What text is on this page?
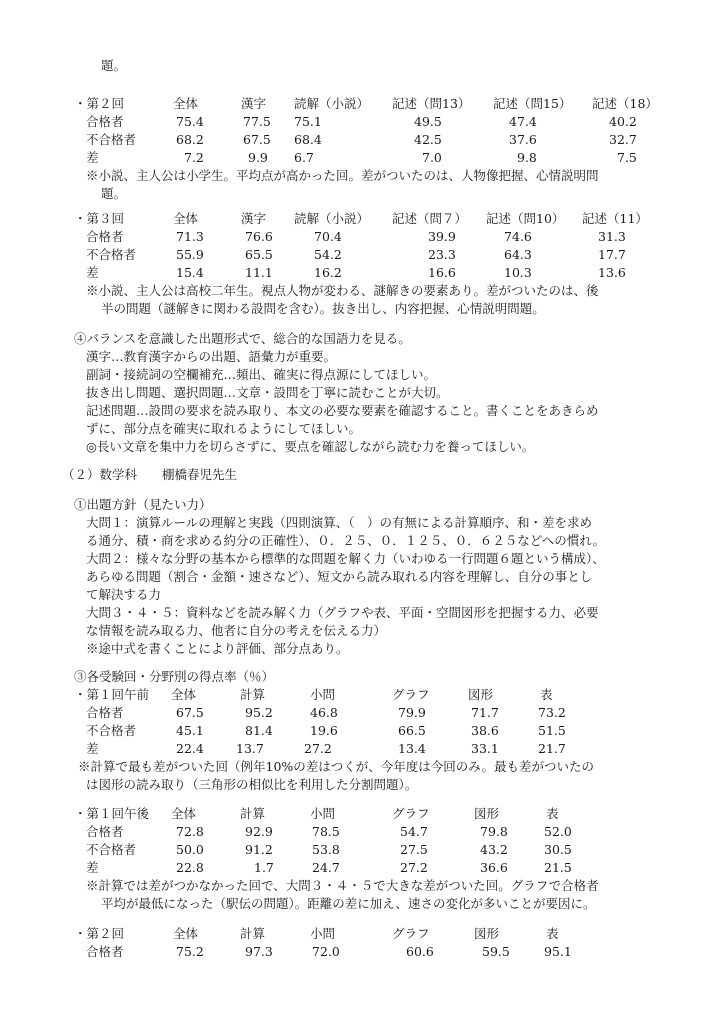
題。
・第２回	全体	漢字 読解（小説） 記述（問13） 記述（問15） 記述（18）
合格者	75.4	77.5 75.1	49.5	47.4	40.2
不合格者	68.2	67.5 68.4	42.5	37.6	32.7
差	7.2	9.9 6.7	7.0	9.8	7.5
※小説、主人公は小学生。平均点が高かった回。差がついたのは、人物像把握、心情説明問
題。
・第３回	全体	漢字 読解（小説） 記述（問７） 記述（問10） 記述（11）
合格者	71.3	76.6	70.4	39.9	74.6	31.3
不合格者	55.9	65.5	54.2	23.3	64.3	17.7
差	15.4	11.1	16.2	16.6	10.3	13.6
※小説、主人公は高校二年生。視点人物が変わる、謎解きの要素あり。差がついたのは、後
半の問題（謎解きに関わる設問を含む）。抜き出し、内容把握、心情説明問題。
④バランスを意識した出題形式で、総合的な国語力を見る。
漢字…教育漢字からの出題、語彙力が重要。
副詞・接続詞の空欄補充…頻出、確実に得点源にしてほしい。
抜き出し問題、選択問題…文章・設問を丁寧に読むことが大切。
記述問題…設問の要求を読み取り、本文の必要な要素を確認すること。書くことをあきらめ
ずに、部分点を確実に取れるようにしてほしい。
◎長い文章を集中力を切らさずに、要点を確認しながら読む力を養ってほしい。
（２）数学科　　棚橋春児先生
①出題方針（見たい力）
大問１：演算ルールの理解と実践（四則演算、（　）の有無による計算順序、和・差を求め
る通分、積・商を求める約分の正確性）、０．２５、０．１２５、０．６２５などへの慣れ。
大問２：様々な分野の基本から標準的な問題を解く力（いわゆる一行問題６題という構成）、
あらゆる問題（割合・金額・速さなど）、短文から読み取れる内容を理解し、自分の事とし
て解決する力
大問３・４・５：資料などを読み解く力（グラフや表、平面・空間図形を把握する力、必要
な情報を読み取る力、他者に自分の考えを伝える力）
※途中式を書くことにより評価、部分点あり。
③各受験回・分野別の得点率（％）
・第１回午前 全体	計算	小問	グラフ	図形	表
合格者	67.5	95.2	46.8	79.9	71.7	73.2
不合格者	45.1	81.4	19.6	66.5	38.6	51.5
差	22.4	13.7	27.2	13.4	33.1	21.7
※計算で最も差がついた回（例年10%の差はつくが、今年度は今回のみ。最も差がついたの
は図形の読み取り（三角形の相似比を利用した分割問題）。
・第１回午後 全体	計算	小問	グラフ	図形	表
合格者	72.8	92.9	78.5	54.7	79.8	52.0
不合格者	50.0	91.2	53.8	27.5	43.2	30.5
差	22.8	1.7	24.7	27.2	36.6	21.5
※計算では差がつかなかった回で、大問３・４・５で大きな差がついた回。グラフで合格者
平均が最低になった（駅伝の問題）。距離の差に加え、速さの変化が多いことが要因に。
・第２回	全体	計算	小問	グラフ	図形	表
合格者	75.2	97.3	72.0	60.6	59.5	95.1
